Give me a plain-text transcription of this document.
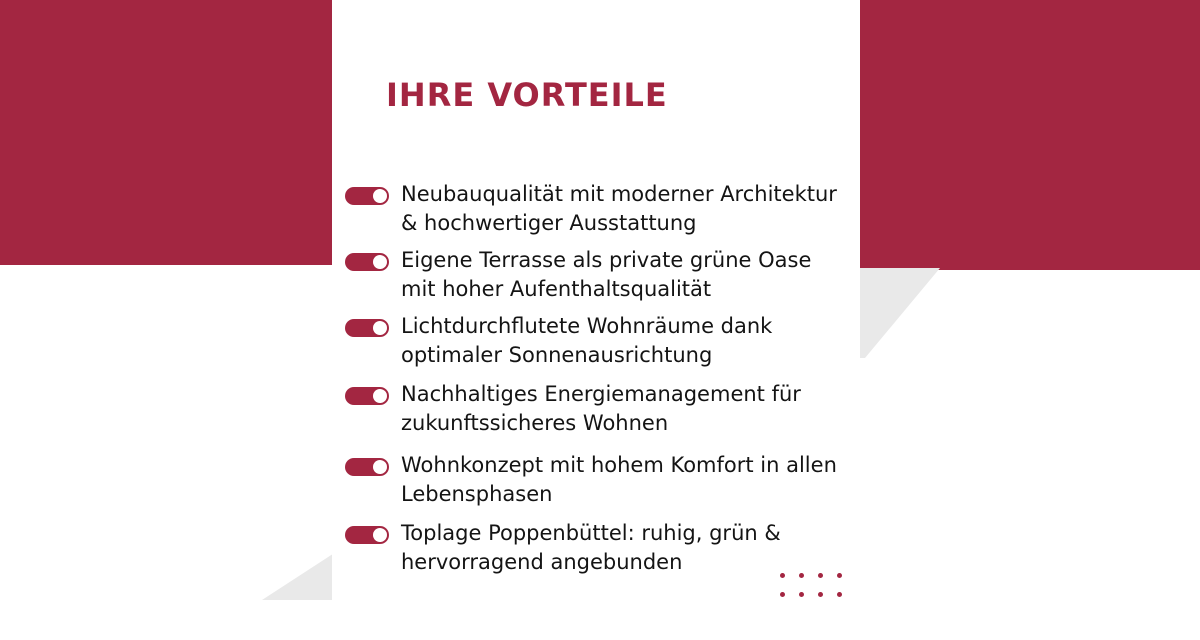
IHRE VORTEILE
Neubauqualität mit moderner Architektur & hochwertiger Ausstattung
Eigene Terrasse als private grüne Oase mit hoher Aufenthaltsqualität
Lichtdurchflutete Wohnräume dank optimaler Sonnenausrichtung
Nachhaltiges Energiemanagement für zukunftssicheres Wohnen
Wohnkonzept mit hohem Komfort in allen Lebensphasen
Toplage Poppenbüttel: ruhig, grün & hervorragend angebunden
